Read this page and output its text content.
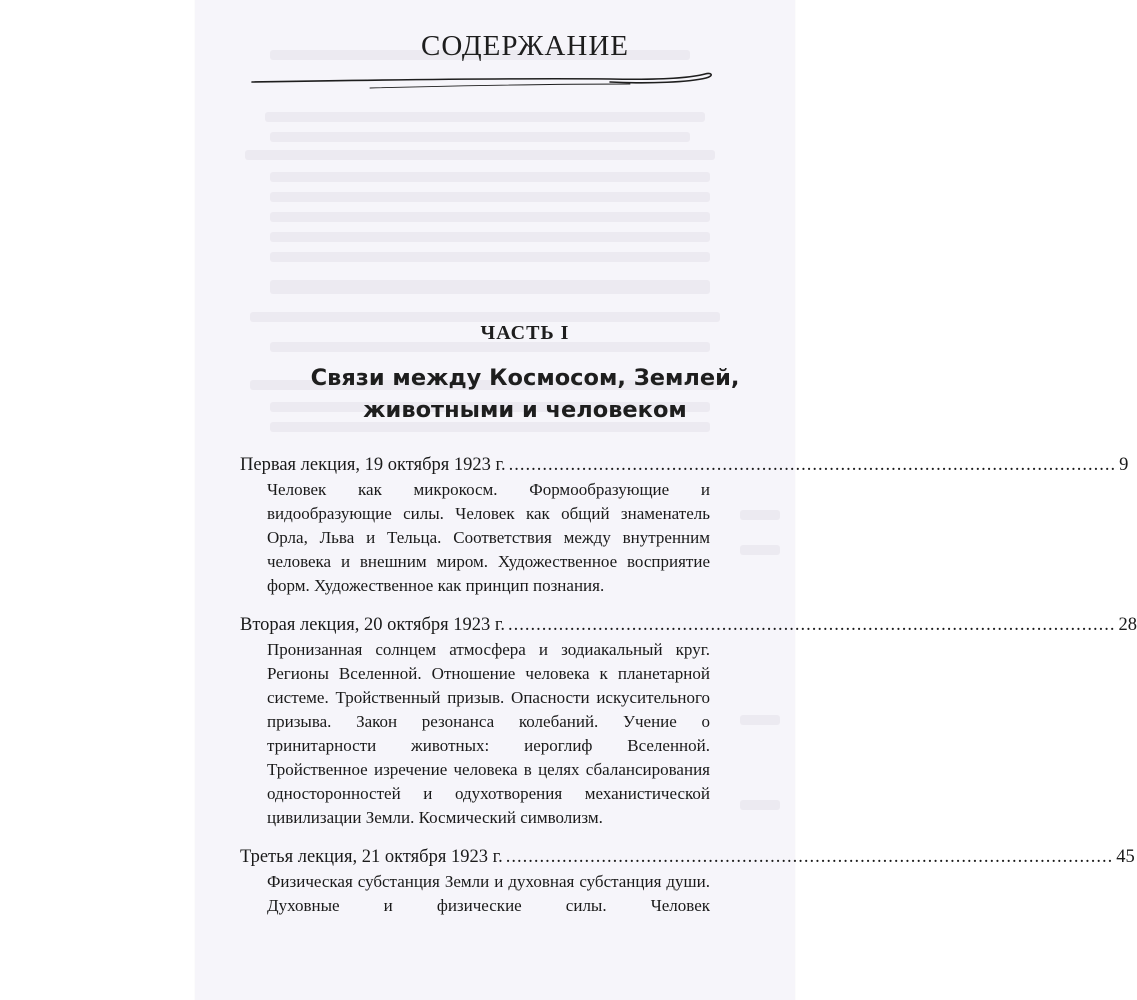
СОДЕРЖАНИЕ
ЧАСТЬ I
Связи между Космосом, Землей,
животными и человеком
Первая лекция, 19 октября 1923 г. ............................................................................................................ 9

Человек как микрокосм. Формообразующие и видообразующие силы. Человек как общий знаменатель Орла, Льва и Тельца. Соответствия между внутренним человека и внешним миром. Художественное восприятие форм. Художественное как принцип познания.

Вторая лекция, 20 октября 1923 г. ............................................................................................................ 28

Пронизанная солнцем атмосфера и зодиакальный круг. Регионы Вселенной. Отношение человека к планетарной системе. Тройственный призыв. Опасности искусительного призыва. Закон резонанса колебаний. Учение о тринитарности животных: иероглиф Вселенной. Тройственное изречение человека в целях сбалансирования односторонностей и одухотворения механистической цивилизации Земли. Космический символизм.

Третья лекция, 21 октября 1923 г. ............................................................................................................ 45

Физическая субстанция Земли и духовная субстанция души. Духовные и физические силы. Человек
